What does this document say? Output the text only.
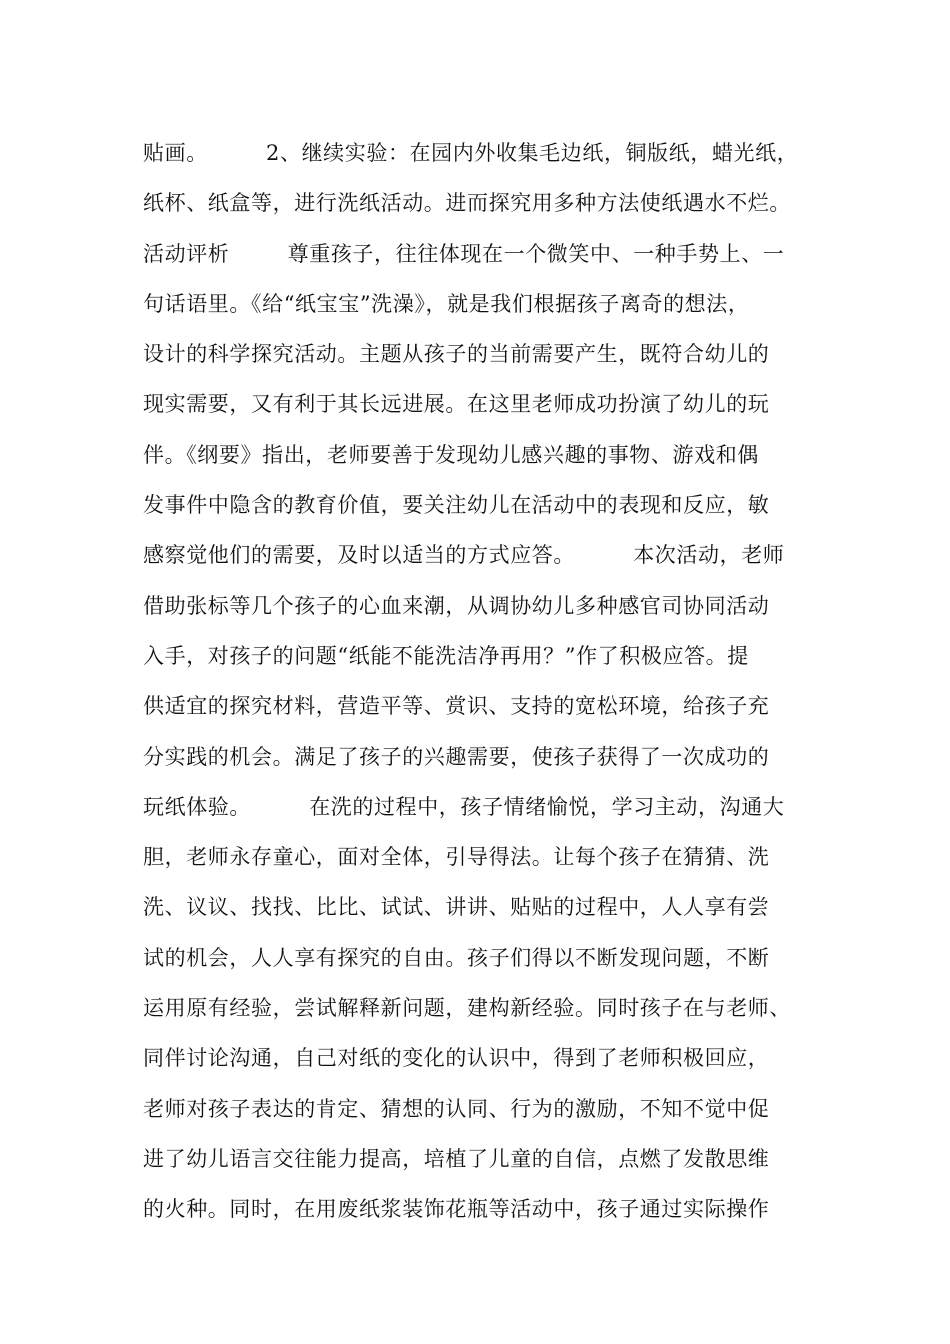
贴画。        2、继续实验：在园内外收集毛边纸，铜版纸，蜡光纸，
纸杯、纸盒等，进行洗纸活动。进而探究用多种方法使纸遇水不烂。
活动评析        尊重孩子，往往体现在一个微笑中、一种手势上、一
句话语里。《给“纸宝宝”洗澡》，就是我们根据孩子离奇的想法，
设计的科学探究活动。主题从孩子的当前需要产生，既符合幼儿的
现实需要，又有利于其长远进展。在这里老师成功扮演了幼儿的玩
伴。《纲要》指出，老师要善于发现幼儿感兴趣的事物、游戏和偶
发事件中隐含的教育价值，要关注幼儿在活动中的表现和反应，敏
感察觉他们的需要，及时以适当的方式应答。        本次活动，老师
借助张标等几个孩子的心血来潮，从调协幼儿多种感官司协同活动
入手，对孩子的问题“纸能不能洗洁净再用？”作了积极应答。提
供适宜的探究材料，营造平等、赏识、支持的宽松环境，给孩子充
分实践的机会。满足了孩子的兴趣需要，使孩子获得了一次成功的
玩纸体验。        在洗的过程中，孩子情绪愉悦，学习主动，沟通大
胆，老师永存童心，面对全体，引导得法。让每个孩子在猜猜、洗
洗、议议、找找、比比、试试、讲讲、贴贴的过程中，人人享有尝
试的机会，人人享有探究的自由。孩子们得以不断发现问题，不断
运用原有经验，尝试解释新问题，建构新经验。同时孩子在与老师、
同伴讨论沟通，自己对纸的变化的认识中，得到了老师积极回应，
老师对孩子表达的肯定、猜想的认同、行为的激励，不知不觉中促
进了幼儿语言交往能力提高，培植了儿童的自信，点燃了发散思维
的火种。同时，在用废纸浆装饰花瓶等活动中，孩子通过实际操作
